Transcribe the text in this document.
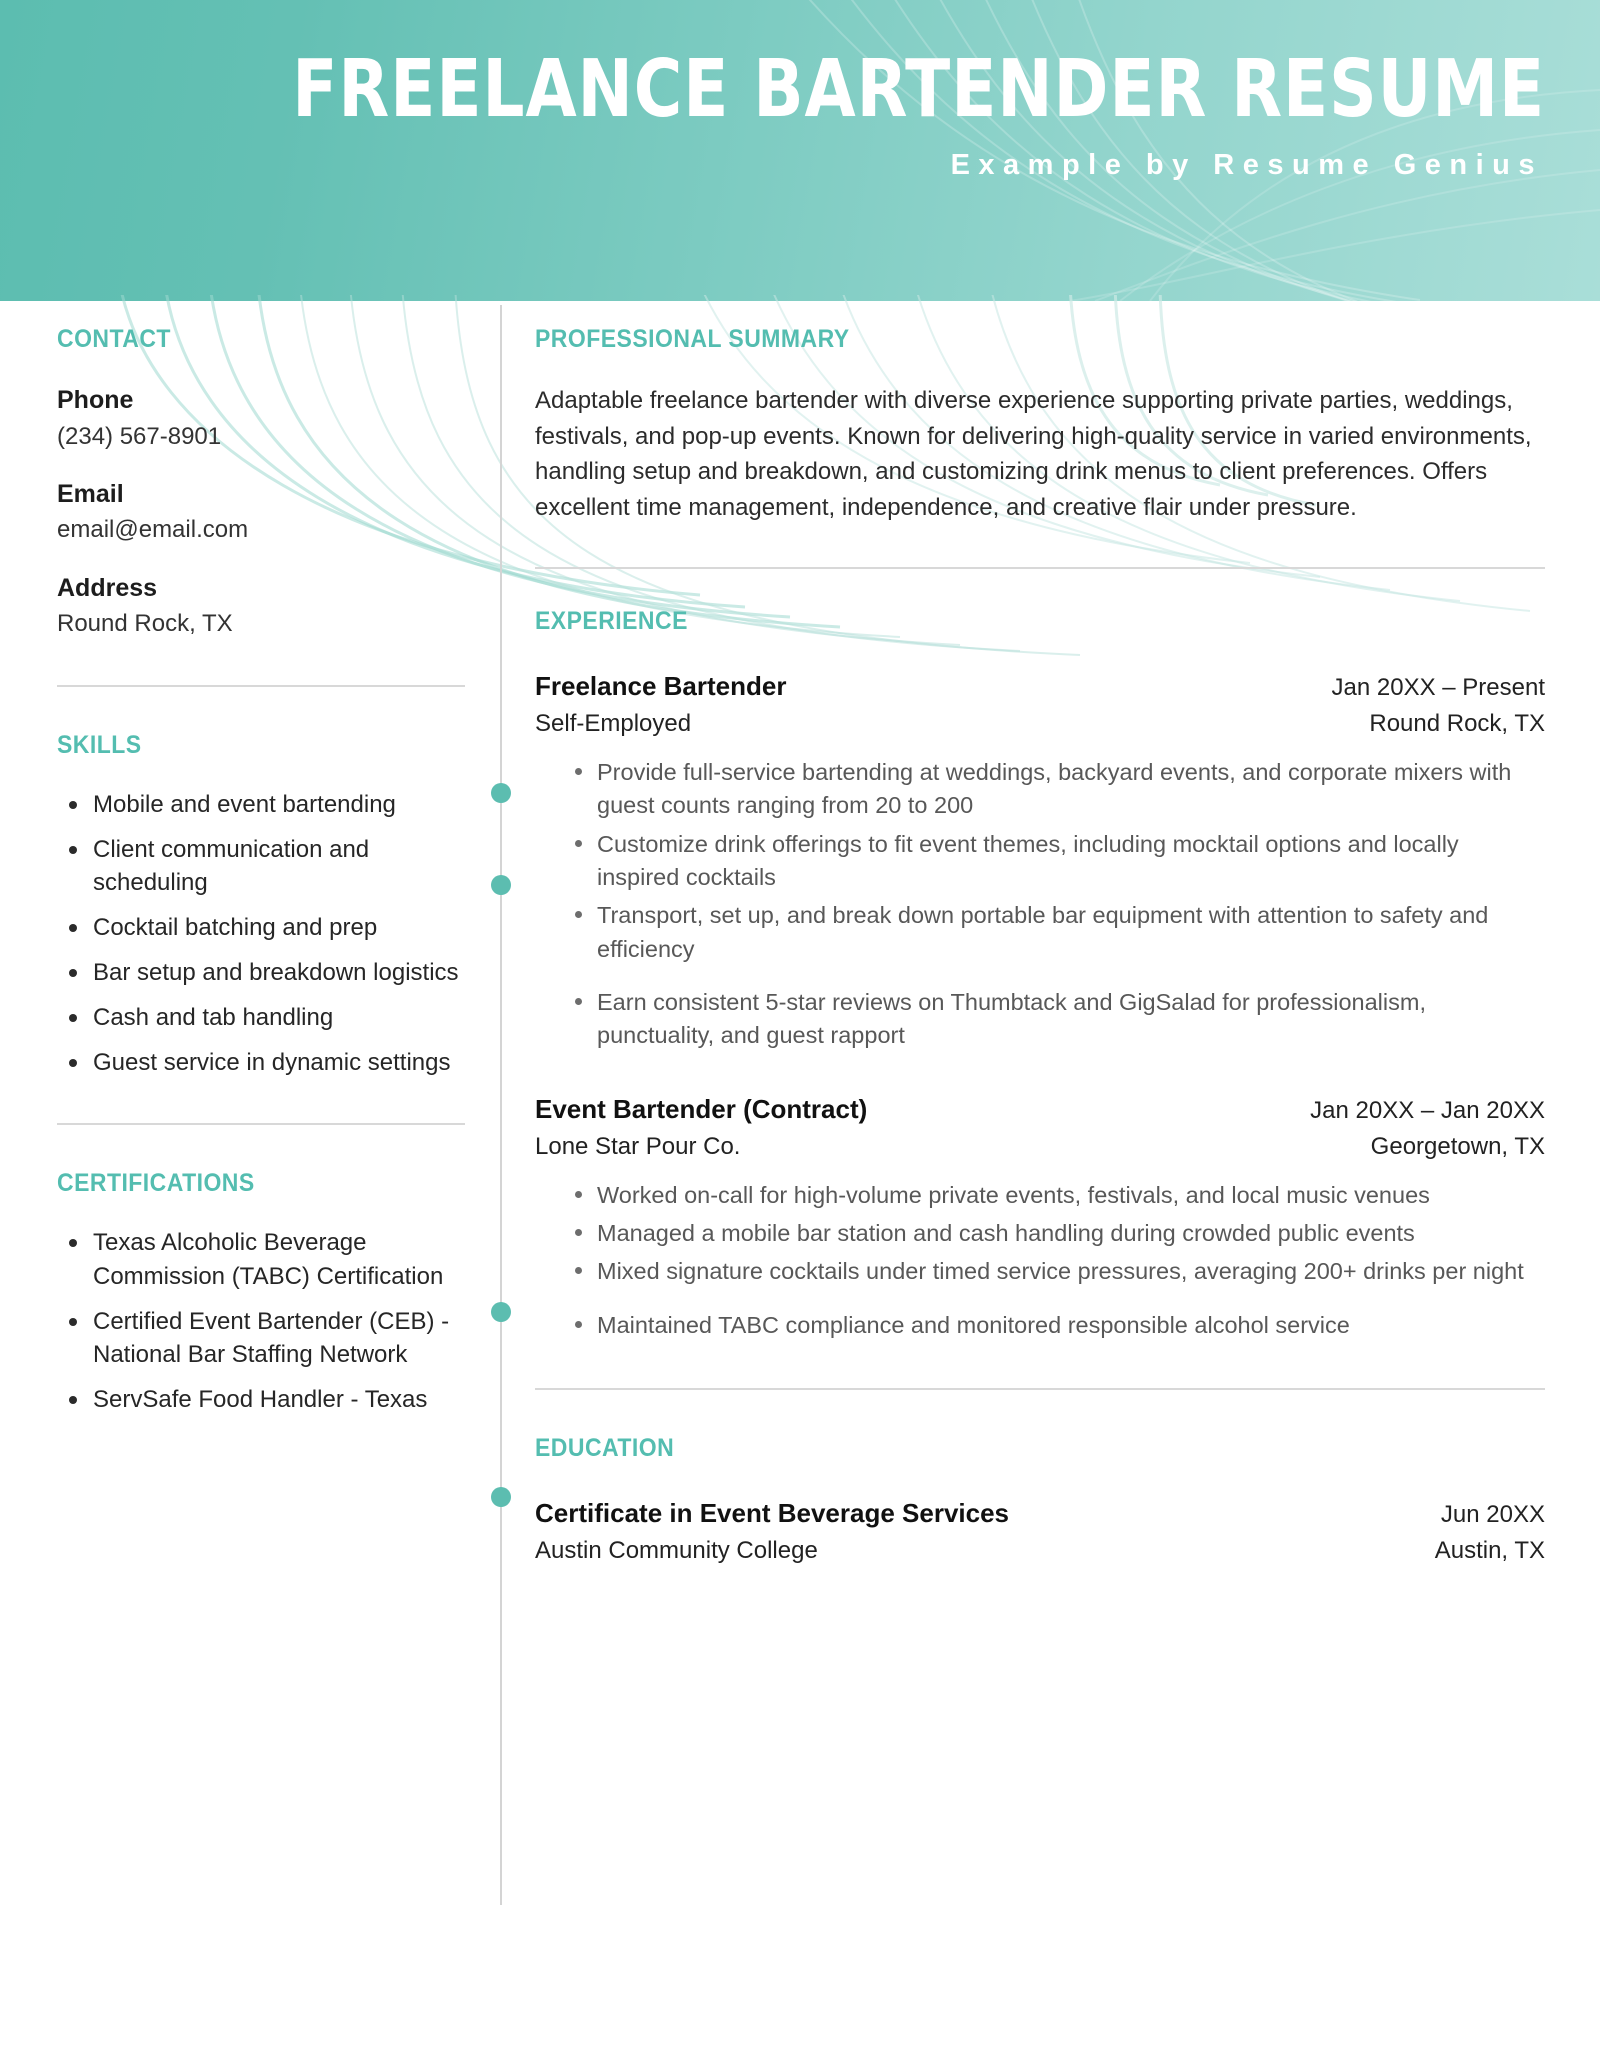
FREELANCE BARTENDER RESUME
Example by Resume Genius
CONTACT
Phone
(234) 567-8901
Email
email@email.com
Address
Round Rock, TX
SKILLS
Mobile and event bartending
Client communication and scheduling
Cocktail batching and prep
Bar setup and breakdown logistics
Cash and tab handling
Guest service in dynamic settings
CERTIFICATIONS
Texas Alcoholic Beverage Commission (TABC) Certification
Certified Event Bartender (CEB) - National Bar Staffing Network
ServSafe Food Handler - Texas
PROFESSIONAL SUMMARY

Adaptable freelance bartender with diverse experience supporting private parties, weddings, festivals, and pop-up events. Known for delivering high-quality service in varied environments, handling setup and breakdown, and customizing drink menus to client preferences. Offers excellent time management, independence, and creative flair under pressure.

EXPERIENCE
Freelance Bartender	Jan 20XX – Present
Self-Employed	Round Rock, TX
Provide full-service bartending at weddings, backyard events, and corporate mixers with guest counts ranging from 20 to 200
Customize drink offerings to fit event themes, including mocktail options and locally inspired cocktails
Transport, set up, and break down portable bar equipment with attention to safety and efficiency
Earn consistent 5-star reviews on Thumbtack and GigSalad for professionalism, punctuality, and guest rapport
Event Bartender (Contract)	Jan 20XX – Jan 20XX
Lone Star Pour Co.	Georgetown, TX
Worked on-call for high-volume private events, festivals, and local music venues
Managed a mobile bar station and cash handling during crowded public events
Mixed signature cocktails under timed service pressures, averaging 200+ drinks per night
Maintained TABC compliance and monitored responsible alcohol service
EDUCATION
Certificate in Event Beverage Services	Jun 20XX
Austin Community College	Austin, TX
